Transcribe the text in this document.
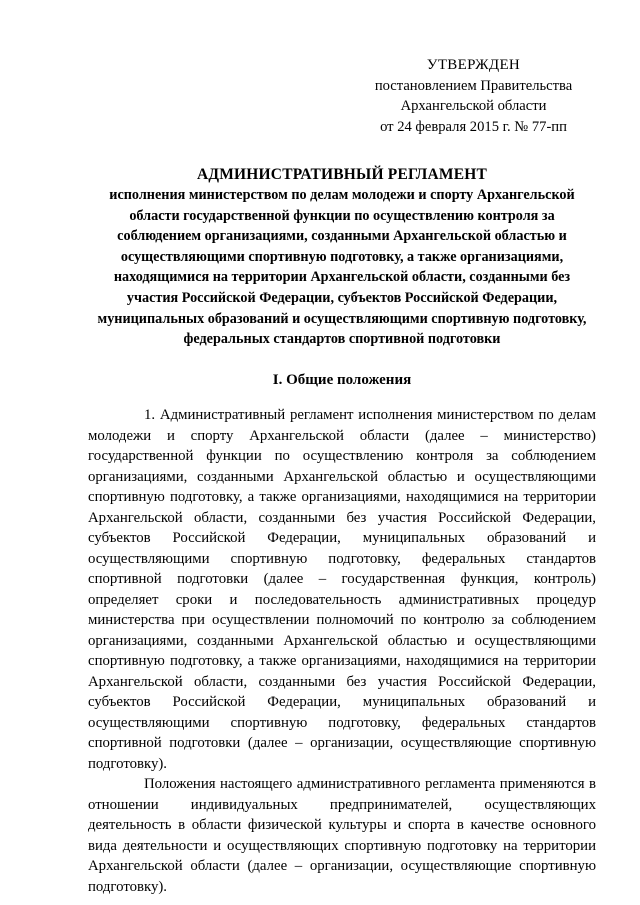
УТВЕРЖДЕН
постановлением Правительства
Архангельской области
от 24 февраля 2015 г. № 77-пп
АДМИНИСТРАТИВНЫЙ РЕГЛАМЕНТ
исполнения министерством по делам молодежи и спорту Архангельской области государственной функции по осуществлению контроля за соблюдением организациями, созданными Архангельской областью и осуществляющими спортивную подготовку, а также организациями, находящимися на территории Архангельской области, созданными без участия Российской Федерации, субъектов Российской Федерации, муниципальных образований и осуществляющими спортивную подготовку, федеральных стандартов спортивной подготовки
I. Общие положения

1. Административный регламент исполнения министерством по делам молодежи и спорту Архангельской области (далее – министерство) государственной функции по осуществлению контроля за соблюдением организациями, созданными Архангельской областью и осуществляющими спортивную подготовку, а также организациями, находящимися на территории Архангельской области, созданными без участия Российской Федерации, субъектов Российской Федерации, муниципальных образований и осуществляющими спортивную подготовку, федеральных стандартов спортивной подготовки (далее – государственная функция, контроль) определяет сроки и последовательность административных процедур министерства при осуществлении полномочий по контролю за соблюдением организациями, созданными Архангельской областью и осуществляющими спортивную подготовку, а также организациями, находящимися на территории Архангельской области, созданными без участия Российской Федерации, субъектов Российской Федерации, муниципальных образований и осуществляющими спортивную подготовку, федеральных стандартов спортивной подготовки (далее – организации, осуществляющие спортивную подготовку).

Положения настоящего административного регламента применяются в отношении индивидуальных предпринимателей, осуществляющих деятельность в области физической культуры и спорта в качестве основного вида деятельности и осуществляющих спортивную подготовку на территории Архангельской области (далее – организации, осуществляющие спортивную подготовку).
